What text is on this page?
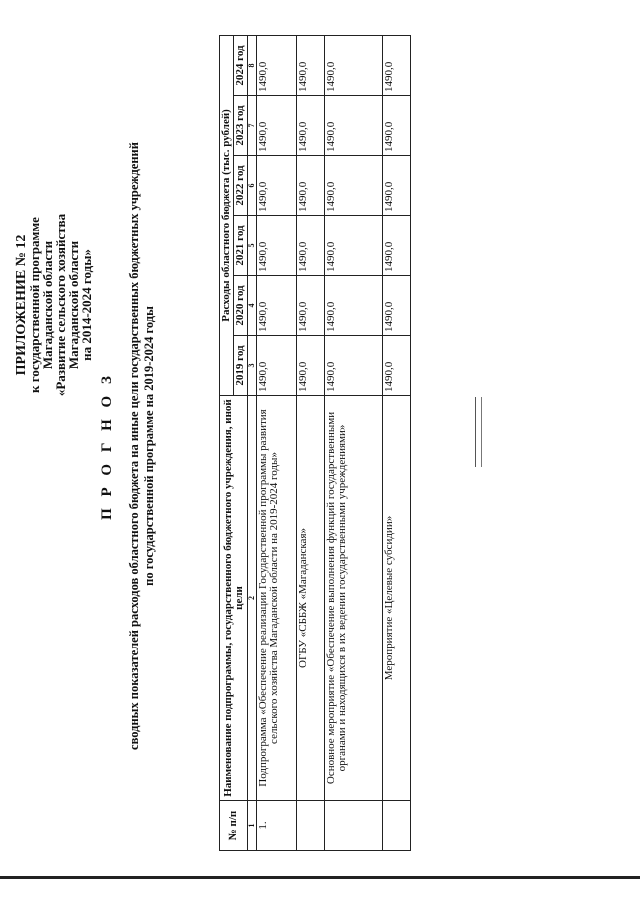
ПРИЛОЖЕНИЕ № 12
к государственной программе
Магаданской области
«Развитие сельского хозяйства
Магаданской области
на 2014-2024 годы»
П Р О Г Н О З сводных показателей расходов областного бюджета на иные цели государственных бюджетных учреждений по государственной программе на 2019-2024 годы
№ п/п	Наименование подпрограммы, государственного бюджетного учреждения, иной цели	Расходы областного бюджета (тыс. рублей)					
		2019 год	2020 год	2021 год	2022 год	2023 год	2024 год
1	2	3	4	5	6	7	8
1.	Подпрограмма «Обеспечение реализации Государственной программы развития сельского хозяйства Магаданской области на 2019-2024 годы»	1490,0	1490,0	1490,0	1490,0	1490,0	1490,0
	ОГБУ «СББЖ «Магаданская»	1490,0	1490,0	1490,0	1490,0	1490,0	1490,0
	Основное мероприятие «Обеспечение выполнения функций государственными органами и находящихся в их ведении государственными учреждениями»	1490,0	1490,0	1490,0	1490,0	1490,0	1490,0
	Мероприятие «Целевые субсидии»	1490,0	1490,0	1490,0	1490,0	1490,0	1490,0
